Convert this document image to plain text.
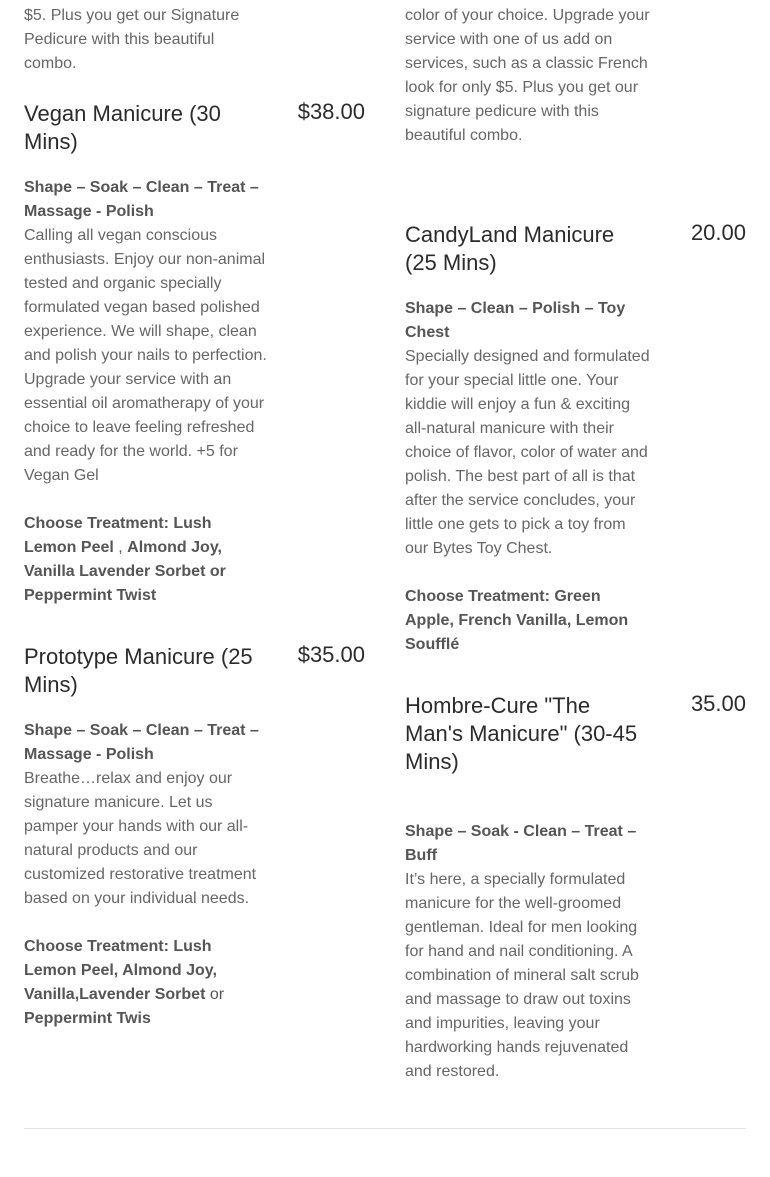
$5. Plus you get our Signature Pedicure with this beautiful combo.
color of your choice. Upgrade your service with one of us add on services, such as a classic French look for only $5. Plus you get our signature pedicure with this beautiful combo.
Vegan Manicure (30 Mins)
Shape – Soak – Clean – Treat – Massage - Polish
Calling all vegan conscious enthusiasts. Enjoy our non-animal tested and organic specially formulated vegan based polished experience. We will shape, clean and polish your nails to perfection. Upgrade your service with an essential oil aromatherapy of your choice to leave feeling refreshed and ready for the world. +5 for Vegan Gel
Choose Treatment: Lush Lemon Peel , Almond Joy, Vanilla Lavender Sorbet or Peppermint Twist
$38.00
Prototype Manicure (25 Mins)
Shape – Soak – Clean – Treat – Massage - Polish
Breathe…relax and enjoy our signature manicure. Let us pamper your hands with our all-natural products and our customized restorative treatment based on your individual needs.
Choose Treatment: Lush Lemon Peel, Almond Joy, Vanilla,Lavender Sorbet or Peppermint Twis
$35.00
CandyLand Manicure (25 Mins)
Shape – Clean – Polish – Toy Chest
Specially designed and formulated for your special little one. Your kiddie will enjoy a fun & exciting all-natural manicure with their choice of flavor, color of water and polish. The best part of all is that after the service concludes, your little one gets to pick a toy from our Bytes Toy Chest.
Choose Treatment: Green Apple, French Vanilla, Lemon Soufflé
20.00
Hombre-Cure "The Man's Manicure" (30-45 Mins)
Shape – Soak - Clean – Treat – Buff
It’s here, a specially formulated manicure for the well-groomed gentleman. Ideal for men looking for hand and nail conditioning. A combination of mineral salt scrub and massage to draw out toxins and impurities, leaving your hardworking hands rejuvenated and restored.
35.00
